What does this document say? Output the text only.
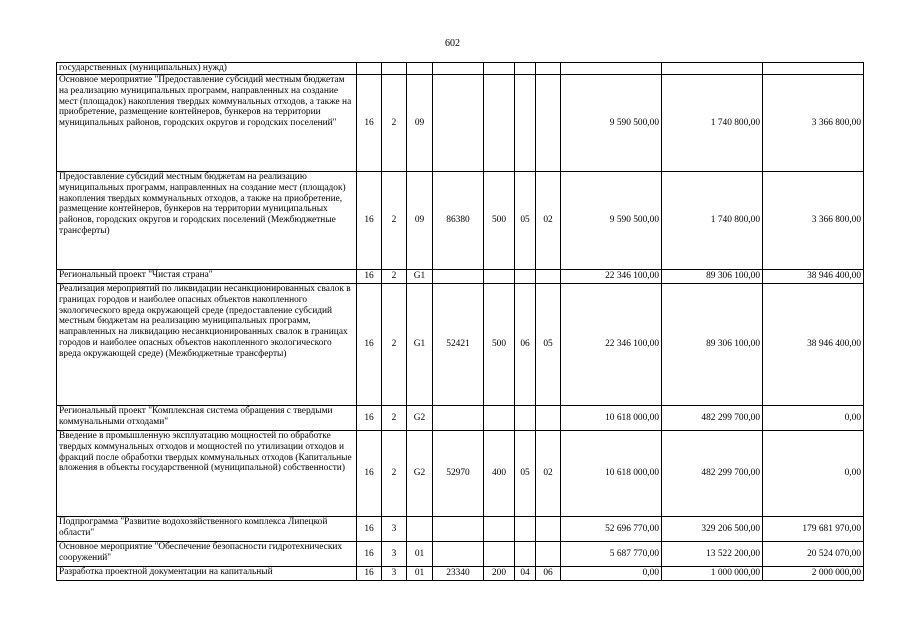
602
государственных (муниципальных) нужд)										
Основное мероприятие "Предоставление субсидий местным бюджетам на реализацию муниципальных программ, направленных на создание мест (площадок) накопления твердых коммунальных отходов, а также на приобретение, размещение контейнеров, бункеров на территории муниципальных районов, городских округов и городских поселений"	16	2	09					9 590 500,00	1 740 800,00	3 366 800,00
Предоставление субсидий местным бюджетам на реализацию муниципальных программ, направленных на создание мест (площадок) накопления твердых коммунальных отходов, а также на приобретение, размещение контейнеров, бункеров на территории муниципальных районов, городских округов и городских поселений (Межбюджетные трансферты)	16	2	09	86380	500	05	02	9 590 500,00	1 740 800,00	3 366 800,00
Региональный проект "Чистая страна"	16	2	G1					22 346 100,00	89 306 100,00	38 946 400,00
Реализация мероприятий по ликвидации несанкционированных свалок в границах городов и наиболее опасных объектов накопленного экологического вреда окружающей среде (предоставление субсидий местным бюджетам на реализацию муниципальных программ, направленных на ликвидацию несанкционированных свалок в границах городов и наиболее опасных объектов накопленного экологического вреда окружающей среде) (Межбюджетные трансферты)	16	2	G1	52421	500	06	05	22 346 100,00	89 306 100,00	38 946 400,00
Региональный проект "Комплексная система обращения с твердыми коммунальными отходами"	16	2	G2					10 618 000,00	482 299 700,00	0,00
Введение в промышленную эксплуатацию мощностей по обработке твердых коммунальных отходов и мощностей по утилизации отходов и фракций после обработки твердых коммунальных отходов (Капитальные вложения в объекты государственной (муниципальной) собственности)	16	2	G2	52970	400	05	02	10 618 000,00	482 299 700,00	0,00
Подпрограмма "Развитие водохозяйственного комплекса Липецкой области"	16	3						52 696 770,00	329 206 500,00	179 681 970,00
Основное мероприятие "Обеспечение безопасности гидротехнических сооружений"	16	3	01					5 687 770,00	13 522 200,00	20 524 070,00
Разработка проектной документации на капитальный	16	3	01	23340	200	04	06	0,00	1 000 000,00	2 000 000,00
